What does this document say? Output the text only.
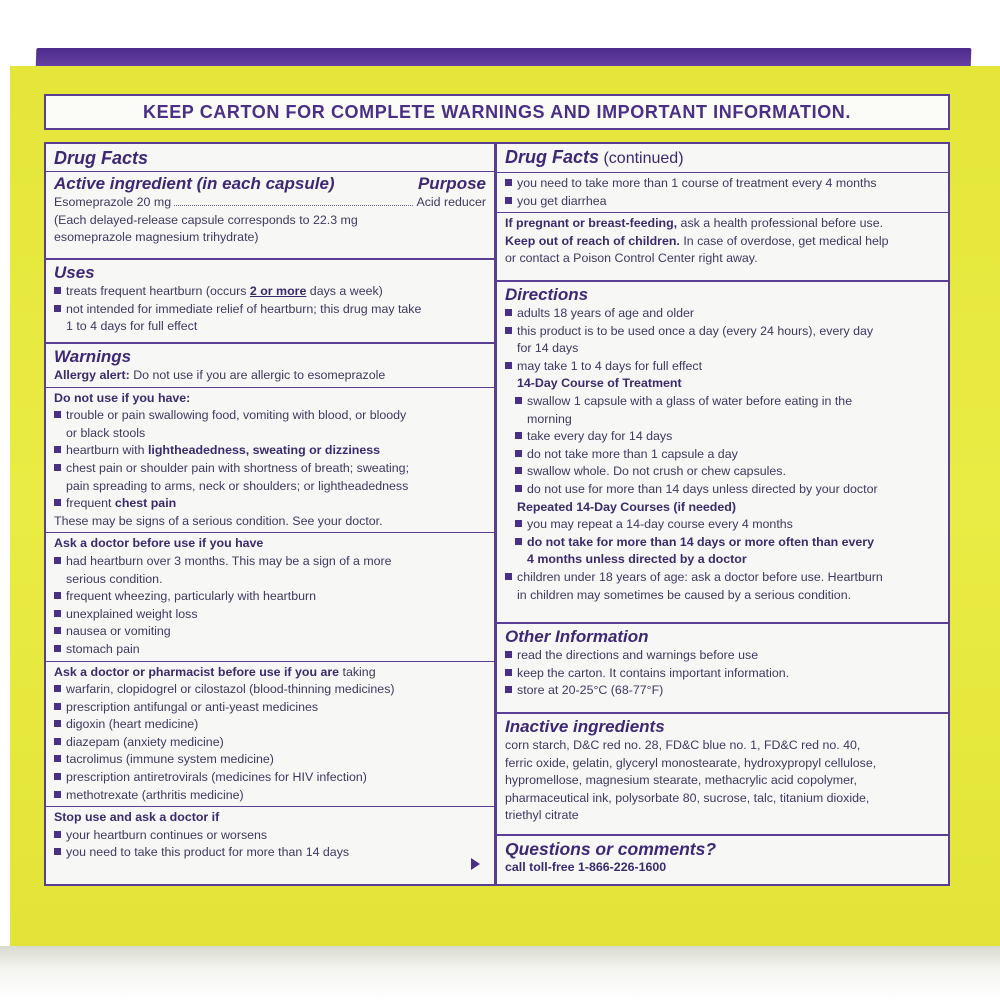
KEEP CARTON FOR COMPLETE WARNINGS AND IMPORTANT INFORMATION.
Drug Facts
Active ingredient (in each capsule)	Purpose
Esomeprazole 20 mg	Acid reducer
(Each delayed-release capsule corresponds to 22.3 mg
esomeprazole magnesium trihydrate)
Uses
treats frequent heartburn (occurs 2 or more days a week)
not intended for immediate relief of heartburn; this drug may take
1 to 4 days for full effect
Warnings
Allergy alert: Do not use if you are allergic to esomeprazole
Do not use if you have:
trouble or pain swallowing food, vomiting with blood, or bloody
or black stools
heartburn with lightheadedness, sweating or dizziness
chest pain or shoulder pain with shortness of breath; sweating;
pain spreading to arms, neck or shoulders; or lightheadedness
frequent chest pain
These may be signs of a serious condition. See your doctor.
Ask a doctor before use if you have
had heartburn over 3 months. This may be a sign of a more
serious condition.
frequent wheezing, particularly with heartburn
unexplained weight loss
nausea or vomiting
stomach pain
Ask a doctor or pharmacist before use if you are taking
warfarin, clopidogrel or cilostazol (blood-thinning medicines)
prescription antifungal or anti-yeast medicines
digoxin (heart medicine)
diazepam (anxiety medicine)
tacrolimus (immune system medicine)
prescription antiretrovirals (medicines for HIV infection)
methotrexate (arthritis medicine)
Stop use and ask a doctor if
your heartburn continues or worsens
you need to take this product for more than 14 days
Drug Facts (continued)
you need to take more than 1 course of treatment every 4 months
you get diarrhea
If pregnant or breast-feeding, ask a health professional before use.
Keep out of reach of children. In case of overdose, get medical help
or contact a Poison Control Center right away.
Directions
adults 18 years of age and older
this product is to be used once a day (every 24 hours), every day
for 14 days
may take 1 to 4 days for full effect
14-Day Course of Treatment
swallow 1 capsule with a glass of water before eating in the
morning
take every day for 14 days
do not take more than 1 capsule a day
swallow whole. Do not crush or chew capsules.
do not use for more than 14 days unless directed by your doctor
Repeated 14-Day Courses (if needed)
you may repeat a 14-day course every 4 months
do not take for more than 14 days or more often than every
4 months unless directed by a doctor
children under 18 years of age: ask a doctor before use. Heartburn
in children may sometimes be caused by a serious condition.
Other Information
read the directions and warnings before use
keep the carton. It contains important information.
store at 20-25°C (68-77°F)
Inactive ingredients
corn starch, D&C red no. 28, FD&C blue no. 1, FD&C red no. 40,
ferric oxide, gelatin, glyceryl monostearate, hydroxypropyl cellulose,
hypromellose, magnesium stearate, methacrylic acid copolymer,
pharmaceutical ink, polysorbate 80, sucrose, talc, titanium dioxide,
triethyl citrate
Questions or comments?
call toll-free 1-866-226-1600
